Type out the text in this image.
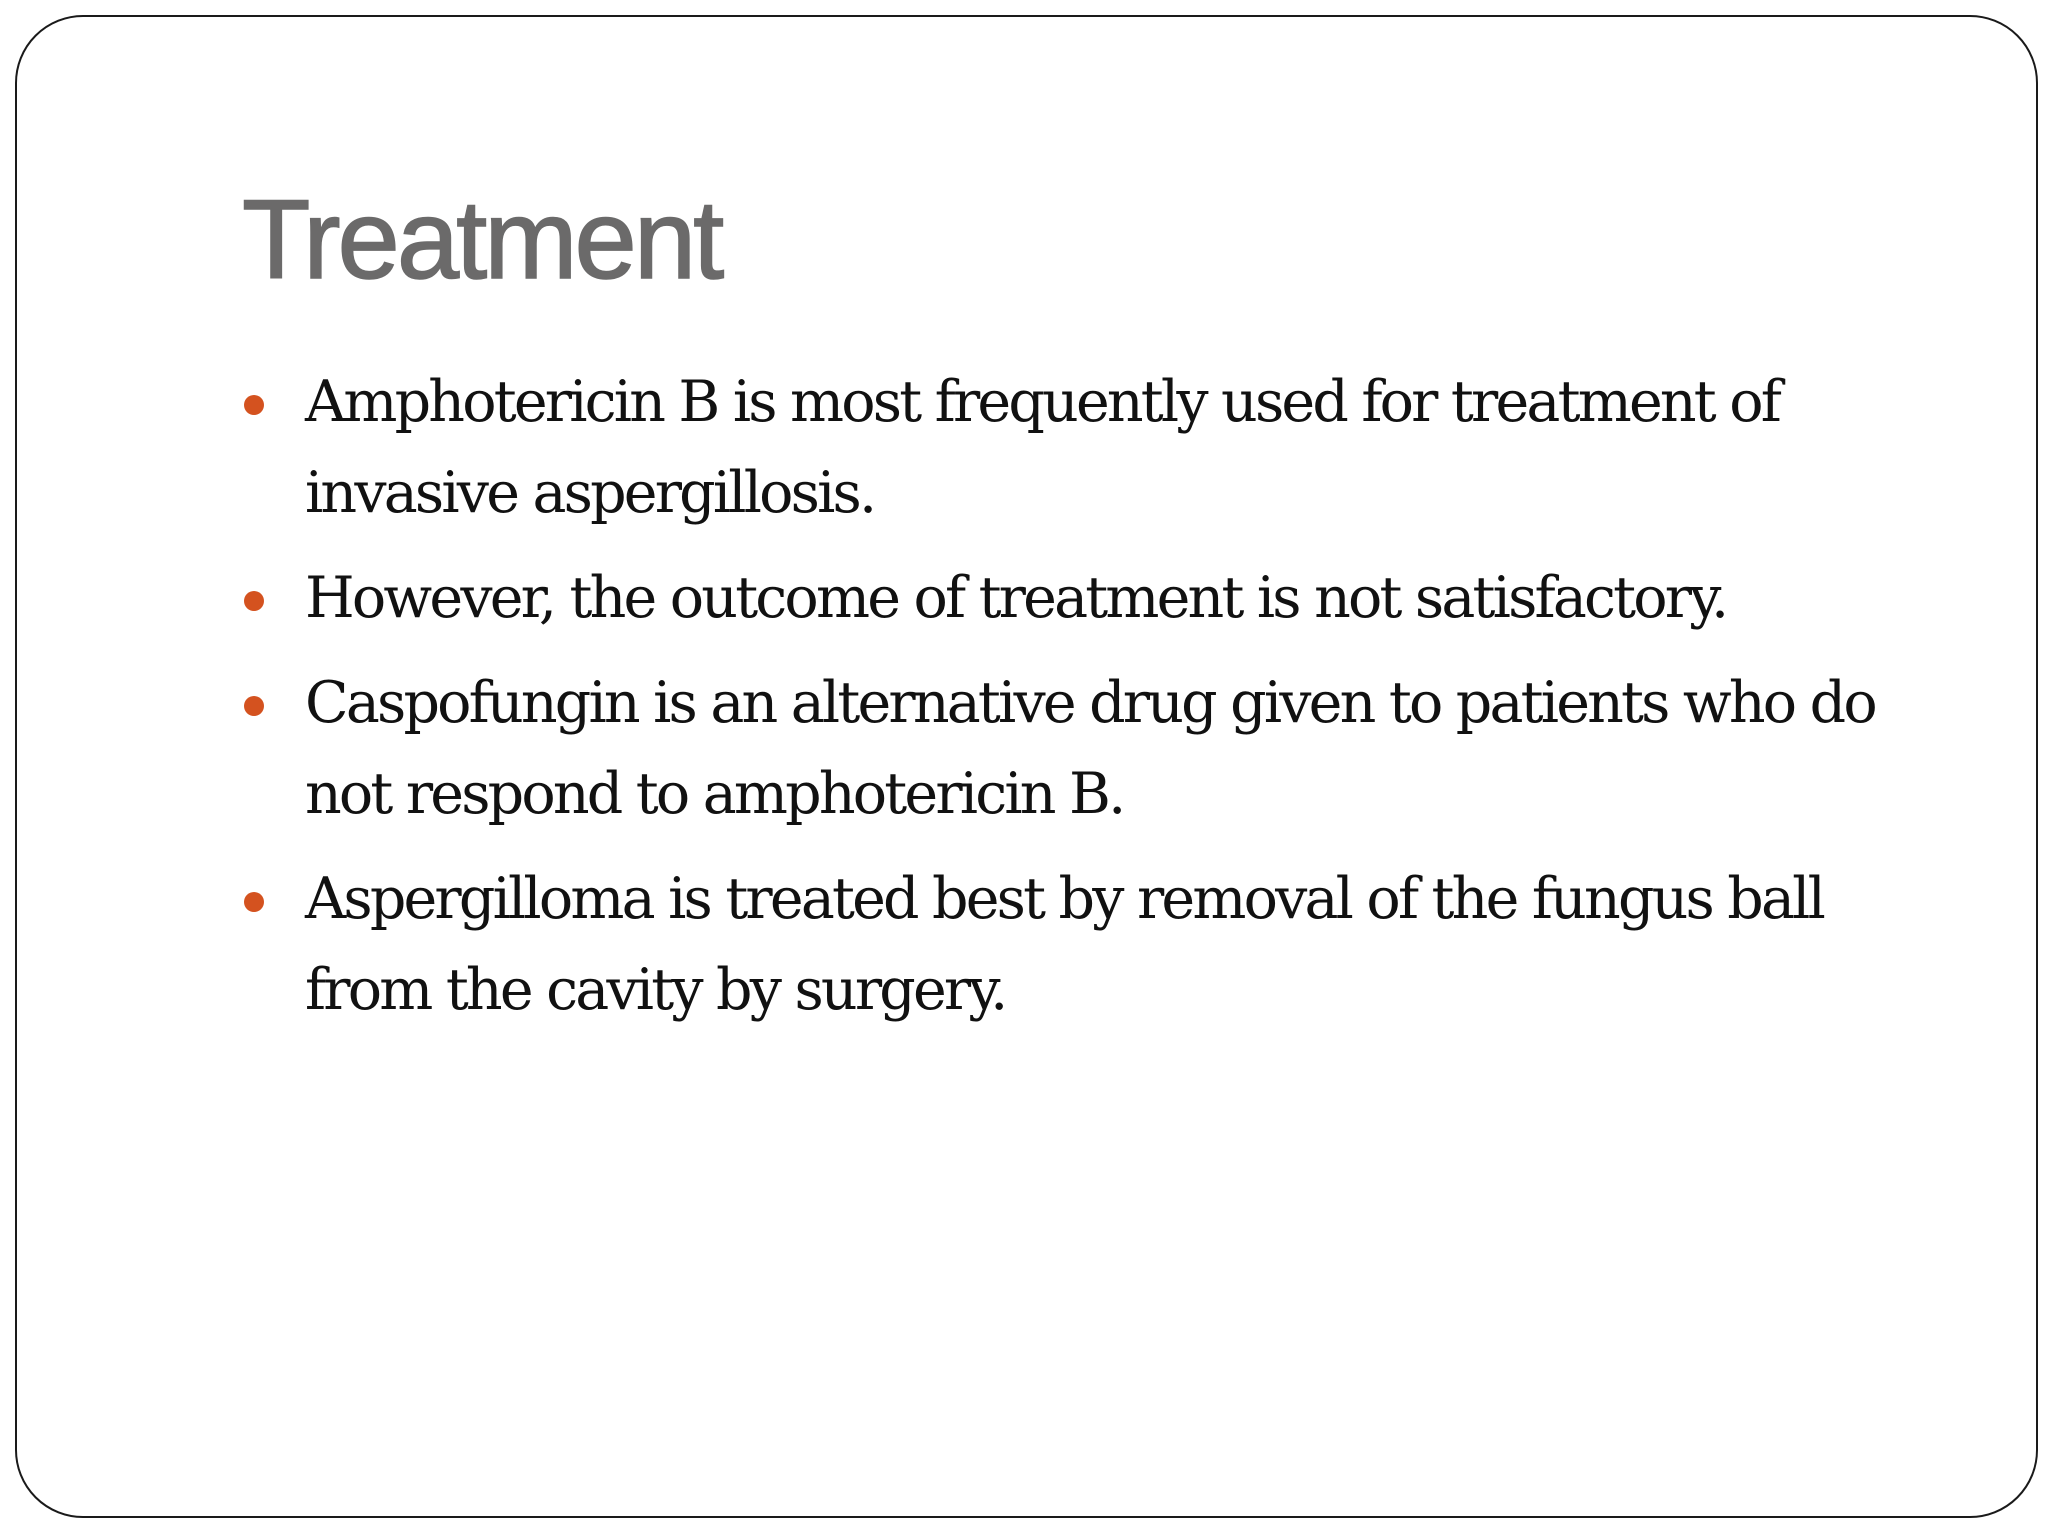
Treatment
Amphotericin B is most frequently used for treatment of invasive aspergillosis.
However, the outcome of treatment is not satisfactory.
Caspofungin is an alternative drug given to patients who do not respond to amphotericin B.
Aspergilloma is treated best by removal of the fungus ball from the cavity by surgery.
